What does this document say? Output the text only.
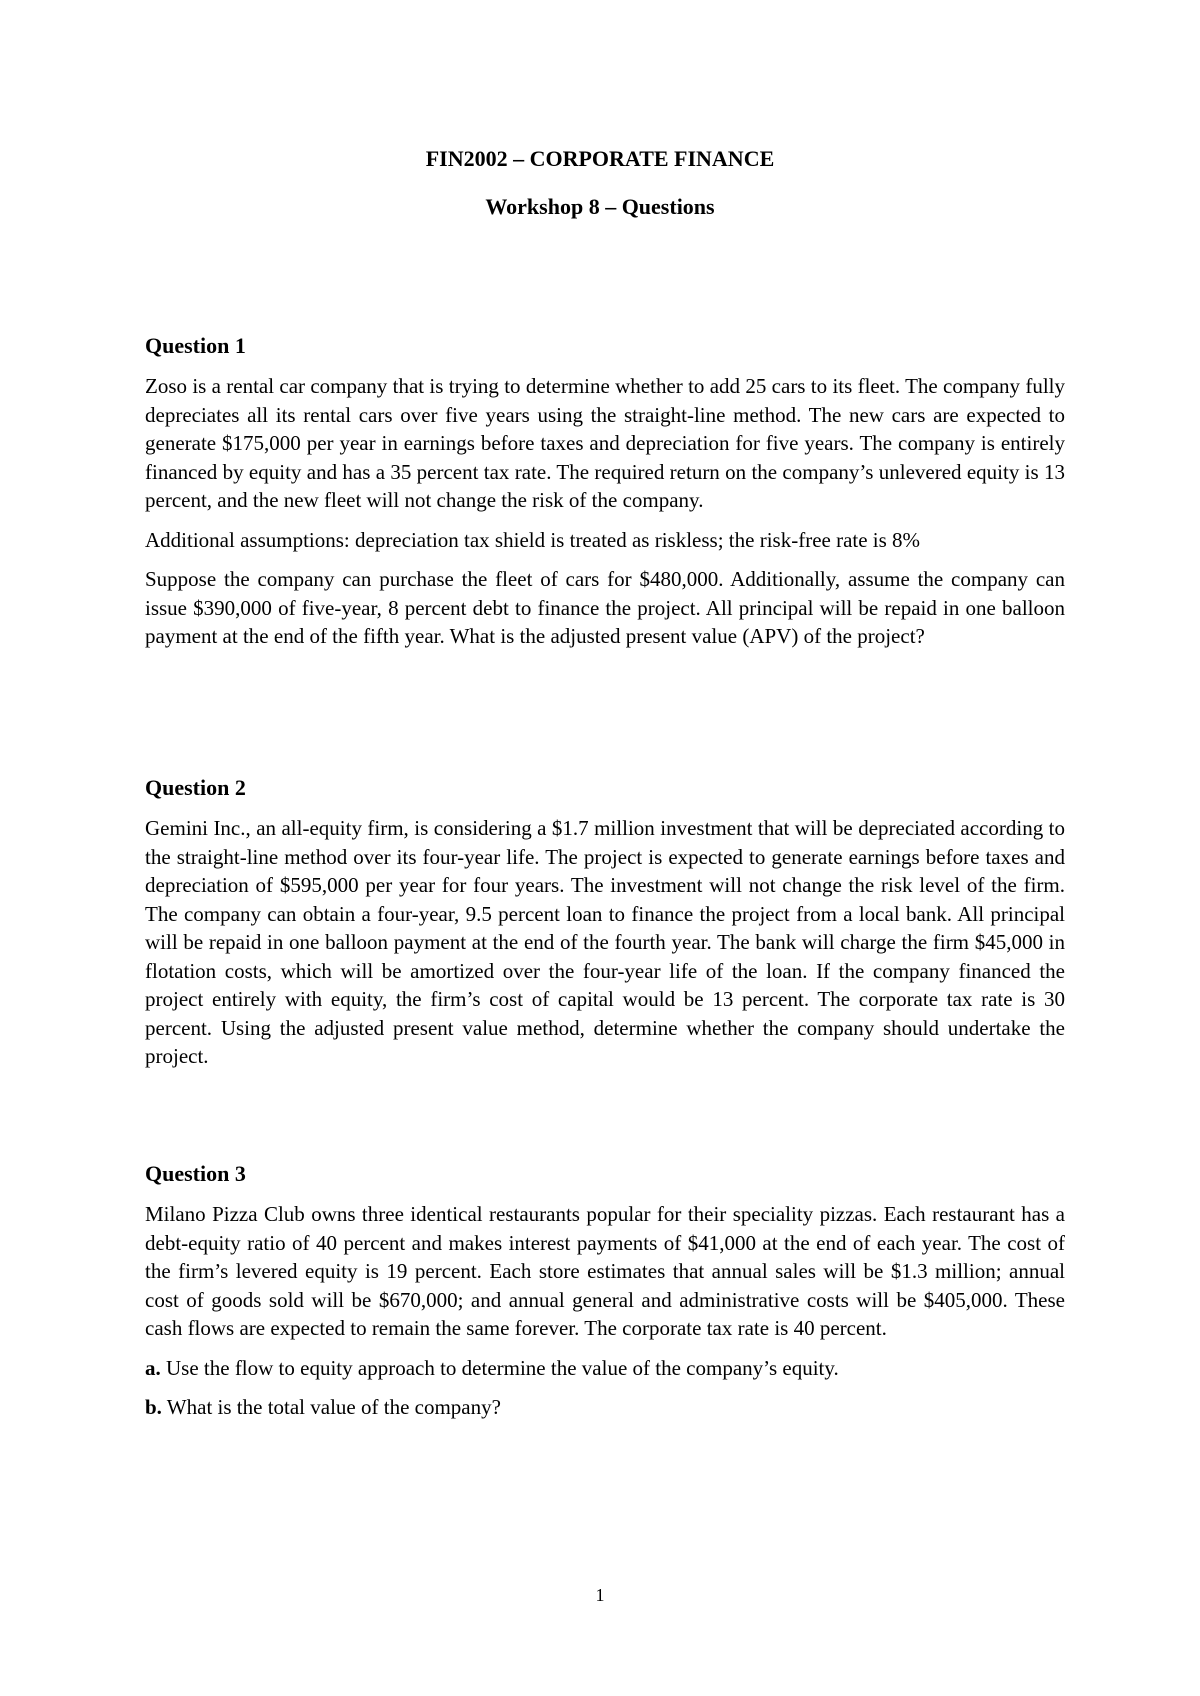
FIN2002 – CORPORATE FINANCE
Workshop 8 – Questions
Question 1

Zoso is a rental car company that is trying to determine whether to add 25 cars to its fleet. The company fully depreciates all its rental cars over five years using the straight-line method. The new cars are expected to generate $175,000 per year in earnings before taxes and depreciation for five years. The company is entirely financed by equity and has a 35 percent tax rate. The required return on the company’s unlevered equity is 13 percent, and the new fleet will not change the risk of the company.

Additional assumptions: depreciation tax shield is treated as riskless; the risk-free rate is 8%

Suppose the company can purchase the fleet of cars for $480,000. Additionally, assume the company can issue $390,000 of five-year, 8 percent debt to finance the project. All principal will be repaid in one balloon payment at the end of the fifth year. What is the adjusted present value (APV) of the project?

Question 2

Gemini Inc., an all-equity firm, is considering a $1.7 million investment that will be depreciated according to the straight-line method over its four-year life. The project is expected to generate earnings before taxes and depreciation of $595,000 per year for four years. The investment will not change the risk level of the firm. The company can obtain a four-year, 9.5 percent loan to finance the project from a local bank. All principal will be repaid in one balloon payment at the end of the fourth year. The bank will charge the firm $45,000 in flotation costs, which will be amortized over the four-year life of the loan. If the company financed the project entirely with equity, the firm’s cost of capital would be 13 percent. The corporate tax rate is 30 percent. Using the adjusted present value method, determine whether the company should undertake the project.

Question 3

Milano Pizza Club owns three identical restaurants popular for their speciality pizzas. Each restaurant has a debt-equity ratio of 40 percent and makes interest payments of $41,000 at the end of each year. The cost of the firm’s levered equity is 19 percent. Each store estimates that annual sales will be $1.3 million; annual cost of goods sold will be $670,000; and annual general and administrative costs will be $405,000. These cash flows are expected to remain the same forever. The corporate tax rate is 40 percent.

a. Use the flow to equity approach to determine the value of the company’s equity.

b. What is the total value of the company?

1
